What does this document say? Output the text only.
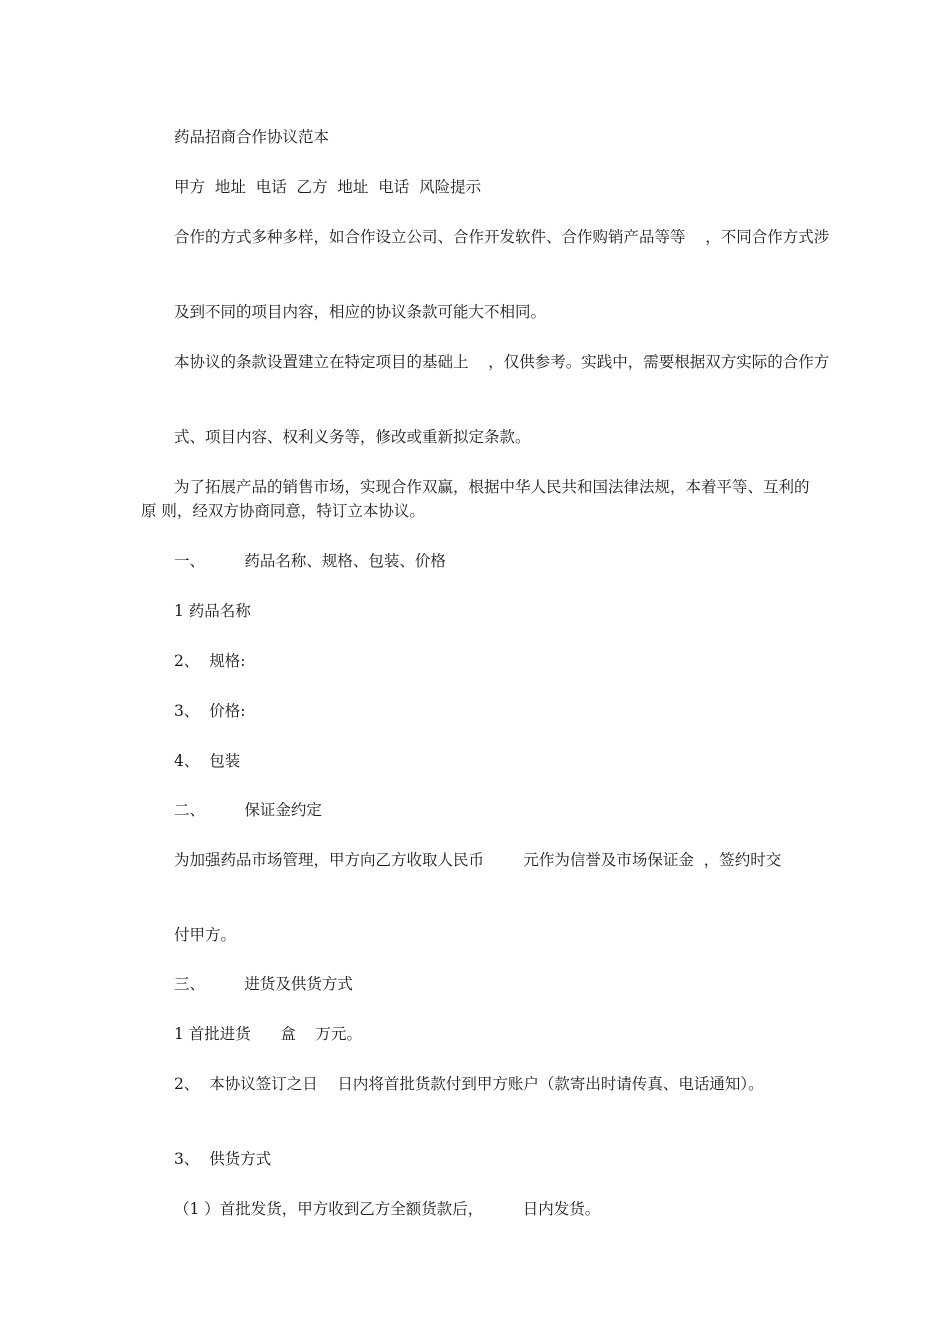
药品招商合作协议范本
甲方  地址  电话  乙方  地址  电话  风险提示
合作的方式多种多样，如合作设立公司、合作开发软件、合作购销产品等等    ，不同合作方式涉
及到不同的项目内容，相应的协议条款可能大不相同。
本协议的条款设置建立在特定项目的基础上    ，仅供参考。实践中，需要根据双方实际的合作方
式、项目内容、权利义务等，修改或重新拟定条款。
为了拓展产品的销售市场，实现合作双赢，根据中华人民共和国法律法规，本着平等、互利的原 则，经双方协商同意，特订立本协议。
一、        药品名称、规格、包装、价格
1 药品名称
2、  规格:
3、  价格:
4、  包装
二、        保证金约定
为加强药品市场管理，甲方向乙方收取人民币        元作为信誉及市场保证金  ，签约时交
付甲方。
三、        进货及供货方式
1 首批进货      盒    万元。
2、  本协议签订之日    日内将首批货款付到甲方账户（款寄出时请传真、电话通知）。
3、  供货方式
（1 ）首批发货，甲方收到乙方全额货款后，        日内发货。
